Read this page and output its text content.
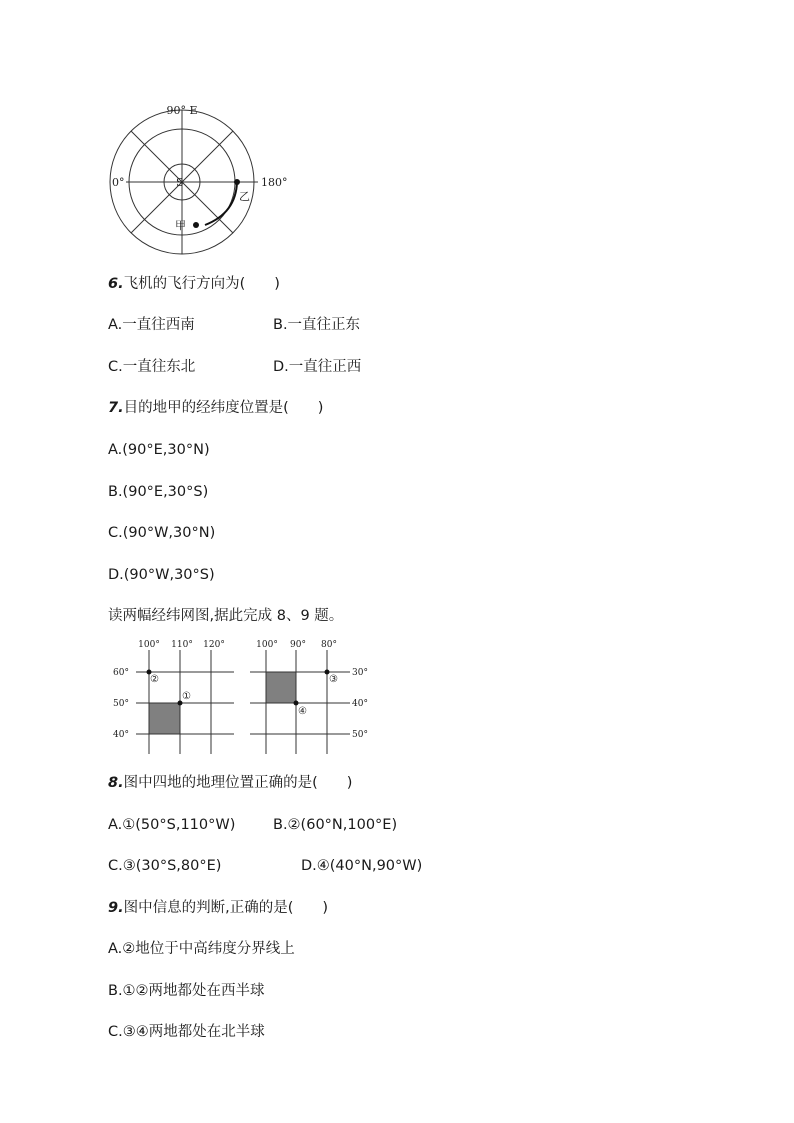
90° E
0°	180°
S
甲
乙
6.飞机的飞行方向为(　　)
A.一直往西南	B.一直往正东
C.一直往东北	D.一直往正西
7.目的地甲的经纬度位置是(　　)
A.(90°E,30°N)
B.(90°E,30°S)
C.(90°W,30°N)
D.(90°W,30°S)
读两幅经纬网图,据此完成 8、9 题。
100° 110° 120°
60°
50°
40°
②
①
100° 90° 80°
30°
40°
50°
③
④
8.图中四地的地理位置正确的是(　　)
A.①(50°S,110°W)	B.②(60°N,100°E)
C.③(30°S,80°E)	D.④(40°N,90°W)
9.图中信息的判断,正确的是(　　)
A.②地位于中高纬度分界线上
B.①②两地都处在西半球
C.③④两地都处在北半球
